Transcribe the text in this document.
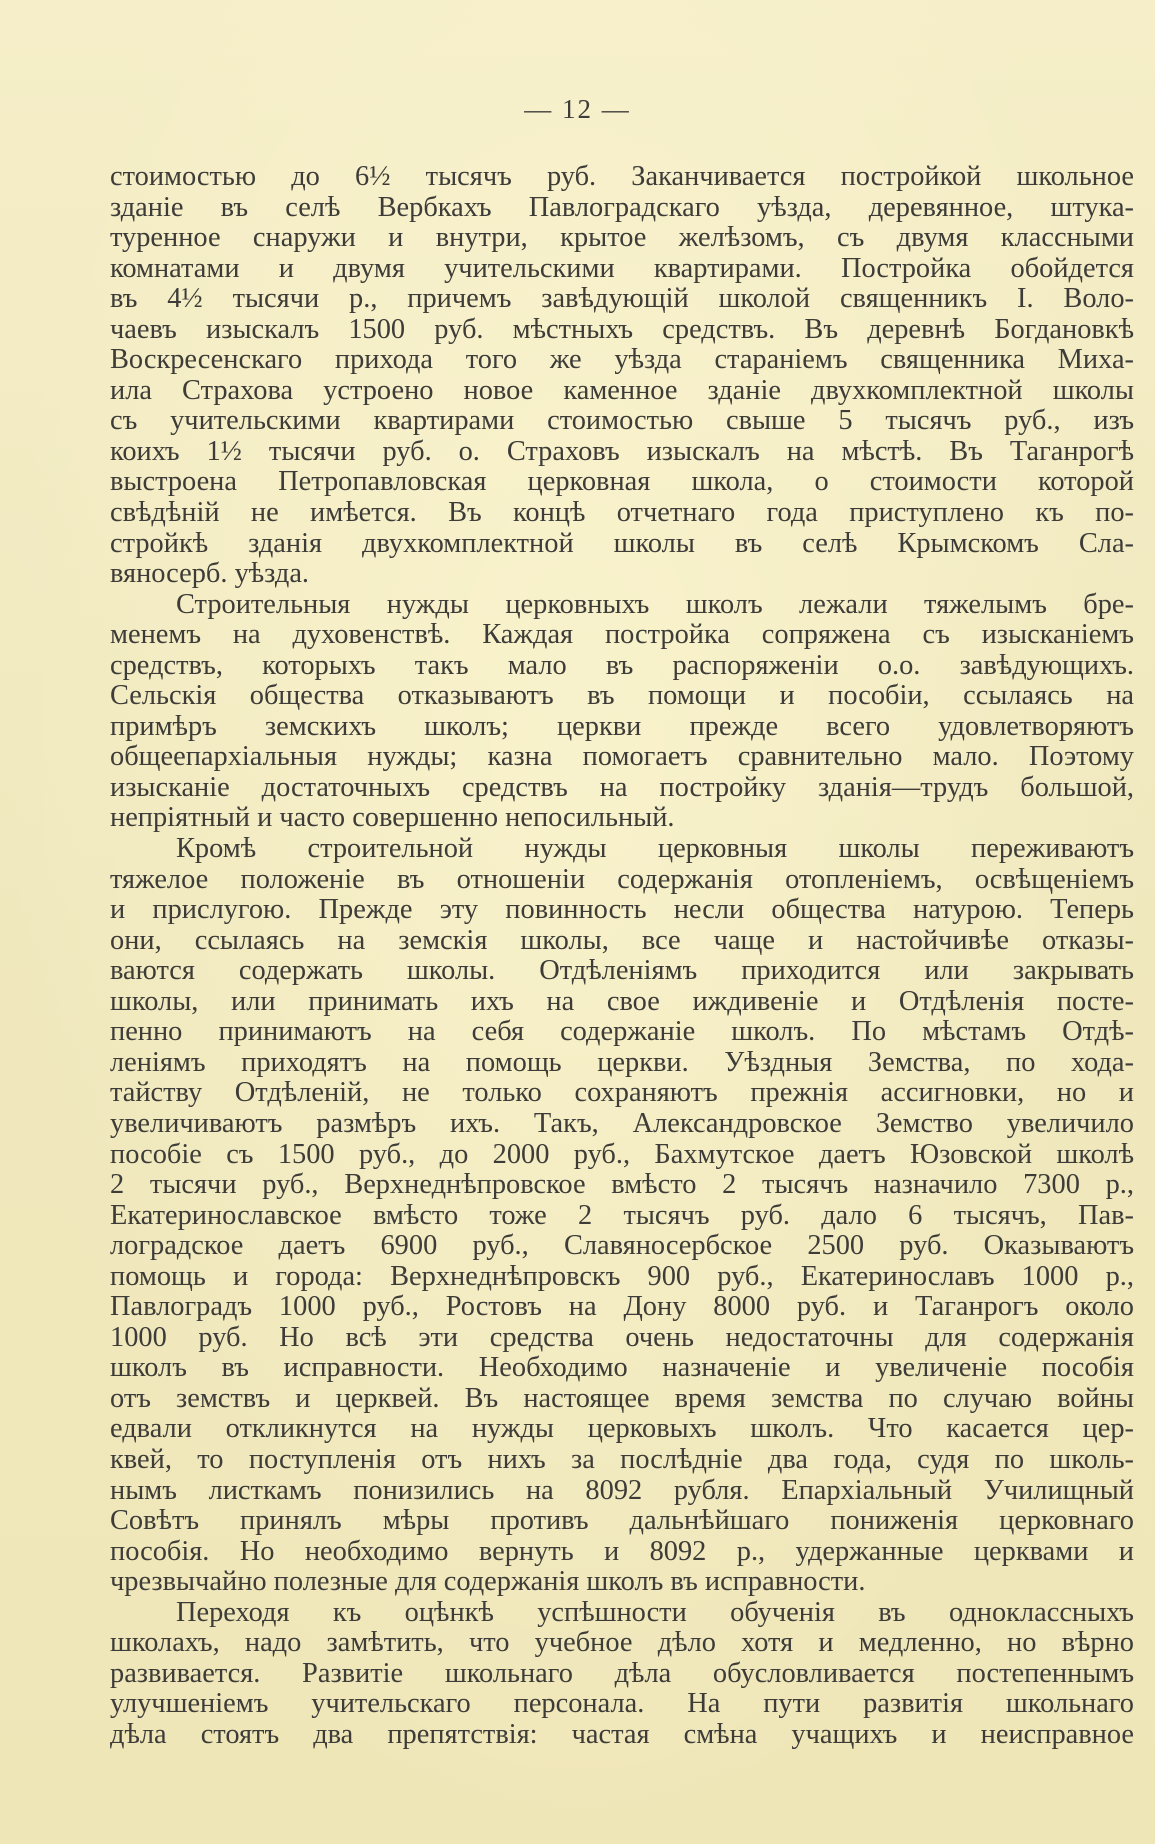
— 12 —
стоимостью до 6½ тысячъ руб. Заканчивается постройкой школьное
зданіе въ селѣ Вербкахъ Павлоградскаго уѣзда, деревянное, штука-
туренное снаружи и внутри, крытое желѣзомъ, съ двумя классными
комнатами и двумя учительскими квартирами. Постройка обойдется
въ 4½ тысячи р., причемъ завѣдующій школой священникъ І. Воло-
чаевъ изыскалъ 1500 руб. мѣстныхъ средствъ. Въ деревнѣ Богдановкѣ
Воскресенскаго прихода того же уѣзда стараніемъ священника Миха-
ила Страхова устроено новое каменное зданіе двухкомплектной школы
съ учительскими квартирами стоимостью свыше 5 тысячъ руб., изъ
коихъ 1½ тысячи руб. о. Страховъ изыскалъ на мѣстѣ. Въ Таганрогѣ
выстроена Петропавловская церковная школа, о стоимости которой
свѣдѣній не имѣется. Въ концѣ отчетнаго года приступлено къ по-
стройкѣ зданія двухкомплектной школы въ селѣ Крымскомъ Сла-
вяносерб. уѣзда.
Строительныя нужды церковныхъ школъ лежали тяжелымъ бре-
менемъ на духовенствѣ. Каждая постройка сопряжена съ изысканіемъ
средствъ, которыхъ такъ мало въ распоряженіи о.о. завѣдующихъ.
Сельскія общества отказываютъ въ помощи и пособіи, ссылаясь на
примѣръ земскихъ школъ; церкви прежде всего удовлетворяютъ
общеепархіальныя нужды; казна помогаетъ сравнительно мало. Поэтому
изысканіе достаточныхъ средствъ на постройку зданія—трудъ большой,
непріятный и часто совершенно непосильный.
Кромѣ строительной нужды церковныя школы переживаютъ
тяжелое положеніе въ отношеніи содержанія отопленіемъ, освѣщеніемъ
и прислугою. Прежде эту повинность несли общества натурою. Теперь
они, ссылаясь на земскія школы, все чаще и настойчивѣе отказы-
ваются содержать школы. Отдѣленіямъ приходится или закрывать
школы, или принимать ихъ на свое иждивеніе и Отдѣленія посте-
пенно принимаютъ на себя содержаніе школъ. По мѣстамъ Отдѣ-
леніямъ приходятъ на помощь церкви. Уѣздныя Земства, по хода-
тайству Отдѣленій, не только сохраняютъ прежнія ассигновки, но и
увеличиваютъ размѣръ ихъ. Такъ, Александровское Земство увеличило
пособіе съ 1500 руб., до 2000 руб., Бахмутское даетъ Юзовской школѣ
2 тысячи руб., Верхнеднѣпровское вмѣсто 2 тысячъ назначило 7300 р.,
Екатеринославское вмѣсто тоже 2 тысячъ руб. дало 6 тысячъ, Пав-
лоградское даетъ 6900 руб., Славяносербское 2500 руб. Оказываютъ
помощь и города: Верхнеднѣпровскъ 900 руб., Екатеринославъ 1000 р.,
Павлоградъ 1000 руб., Ростовъ на Дону 8000 руб. и Таганрогъ около
1000 руб. Но всѣ эти средства очень недостаточны для содержанія
школъ въ исправности. Необходимо назначеніе и увеличеніе пособія
отъ земствъ и церквей. Въ настоящее время земства по случаю войны
едвали откликнутся на нужды церковыхъ школъ. Что касается цер-
квей, то поступленія отъ нихъ за послѣдніе два года, судя по школь-
нымъ листкамъ понизились на 8092 рубля. Епархіальный Училищный
Совѣтъ принялъ мѣры противъ дальнѣйшаго пониженія церковнаго
пособія. Но необходимо вернуть и 8092 р., удержанные церквами и
чрезвычайно полезные для содержанія школъ въ исправности.
Переходя къ оцѣнкѣ успѣшности обученія въ одноклассныхъ
школахъ, надо замѣтить, что учебное дѣло хотя и медленно, но вѣрно
развивается. Развитіе школьнаго дѣла обусловливается постепеннымъ
улучшеніемъ учительскаго персонала. На пути развитія школьнаго
дѣла стоятъ два препятствія: частая смѣна учащихъ и неисправное
